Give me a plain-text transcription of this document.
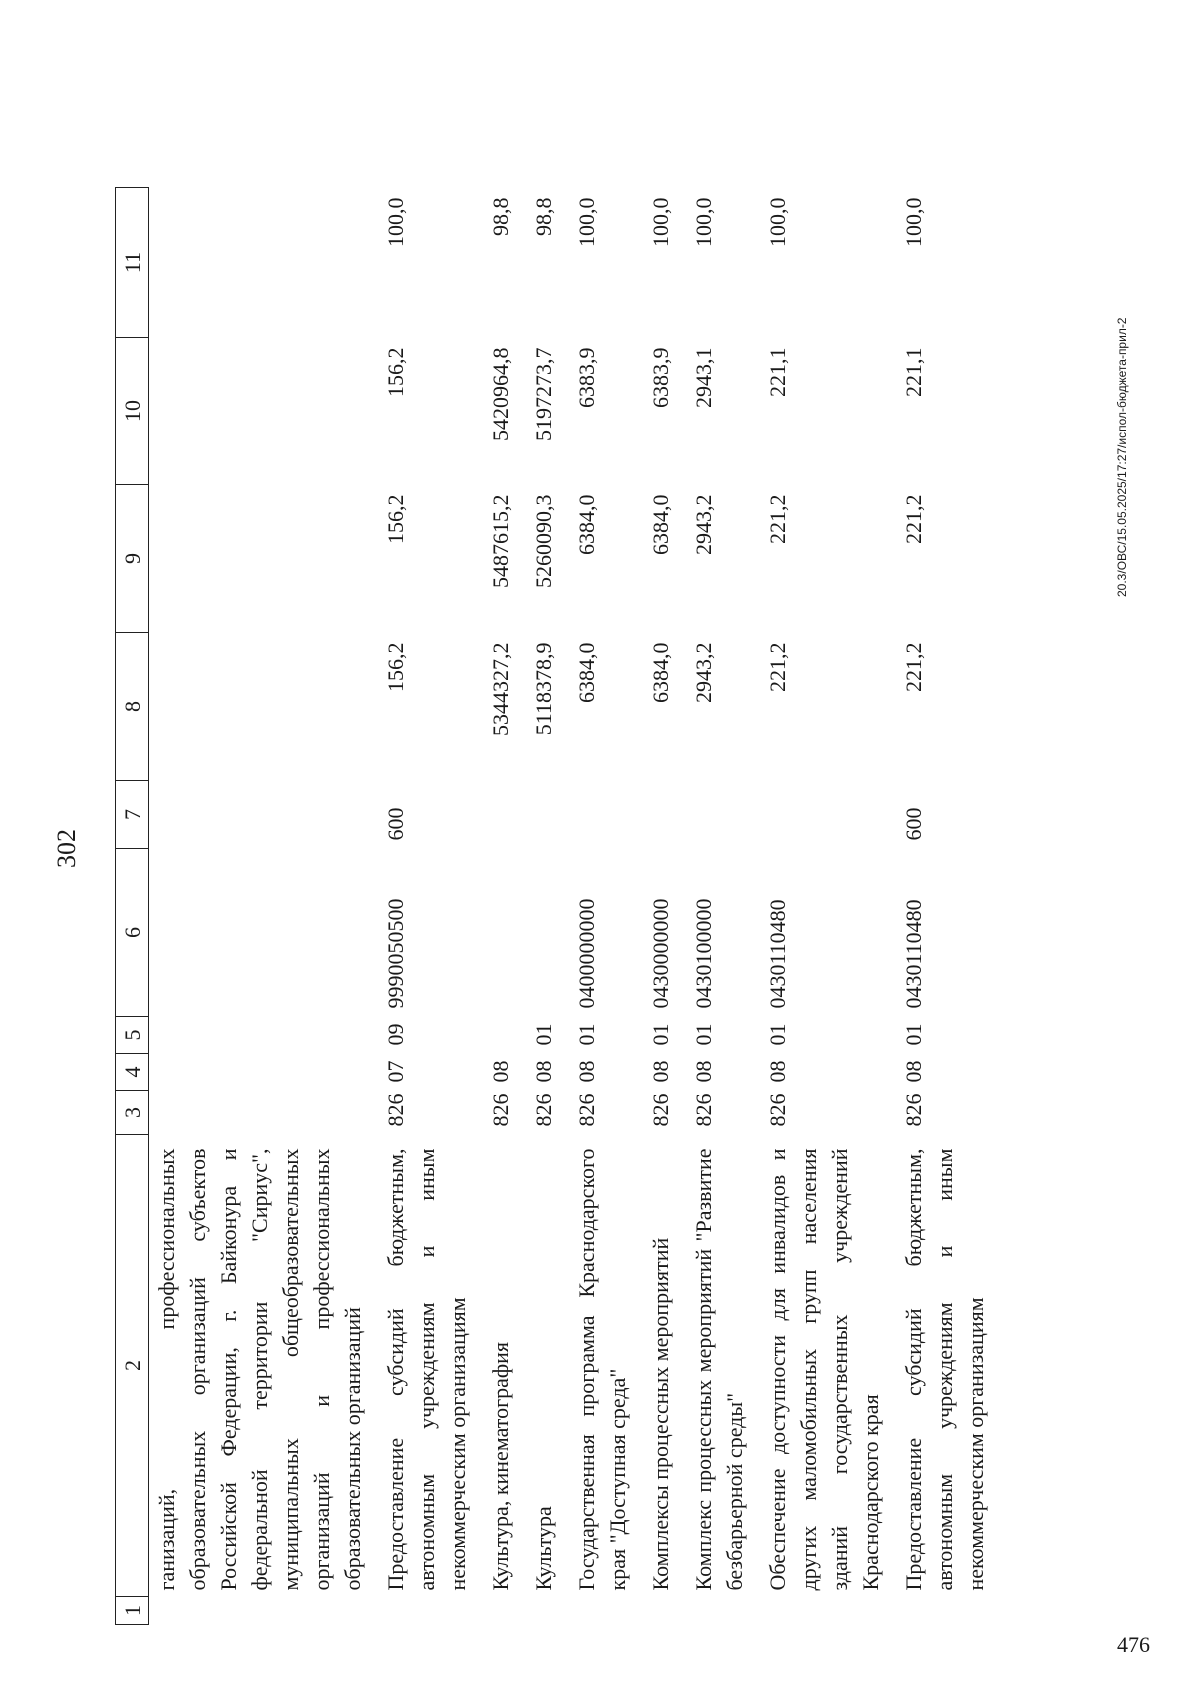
302
1	2	3	4	5	6	7	8	9	10	11
	ганизаций, профессиональных образовательных организаций субъектов Российской Федерации, г. Байконура и федеральной территории "Сириус", муниципальных общеобразовательных организаций и профессиональных образовательных организаций									
	Предоставление субсидий бюджетным, автономным учреждениям и иным некоммерческим организациям	826	07	09	9990050500	600	156,2	156,2	156,2	100,0
	Культура, кинематография	826	08				5344327,2	5487615,2	5420964,8	98,8
	Культура	826	08	01			5118378,9	5260090,3	5197273,7	98,8
	Государственная программа Краснодарского края "Доступная среда"	826	08	01	0400000000		6384,0	6384,0	6383,9	100,0
	Комплексы процессных мероприятий	826	08	01	0430000000		6384,0	6384,0	6383,9	100,0
	Комплекс процессных мероприятий "Развитие безбарьерной среды"	826	08	01	0430100000		2943,2	2943,2	2943,1	100,0
	Обеспечение доступности для инвалидов и других маломобильных групп населения зданий государственных учреждений Краснодарского края	826	08	01	0430110480		221,2	221,2	221,1	100,0
	Предоставление субсидий бюджетным, автономным учреждениям и иным некоммерческим организациям	826	08	01	0430110480	600	221,2	221,2	221,1	100,0
20.3/ОВС/15.05.2025/17:27/испол-бюджета-прил-2
476
